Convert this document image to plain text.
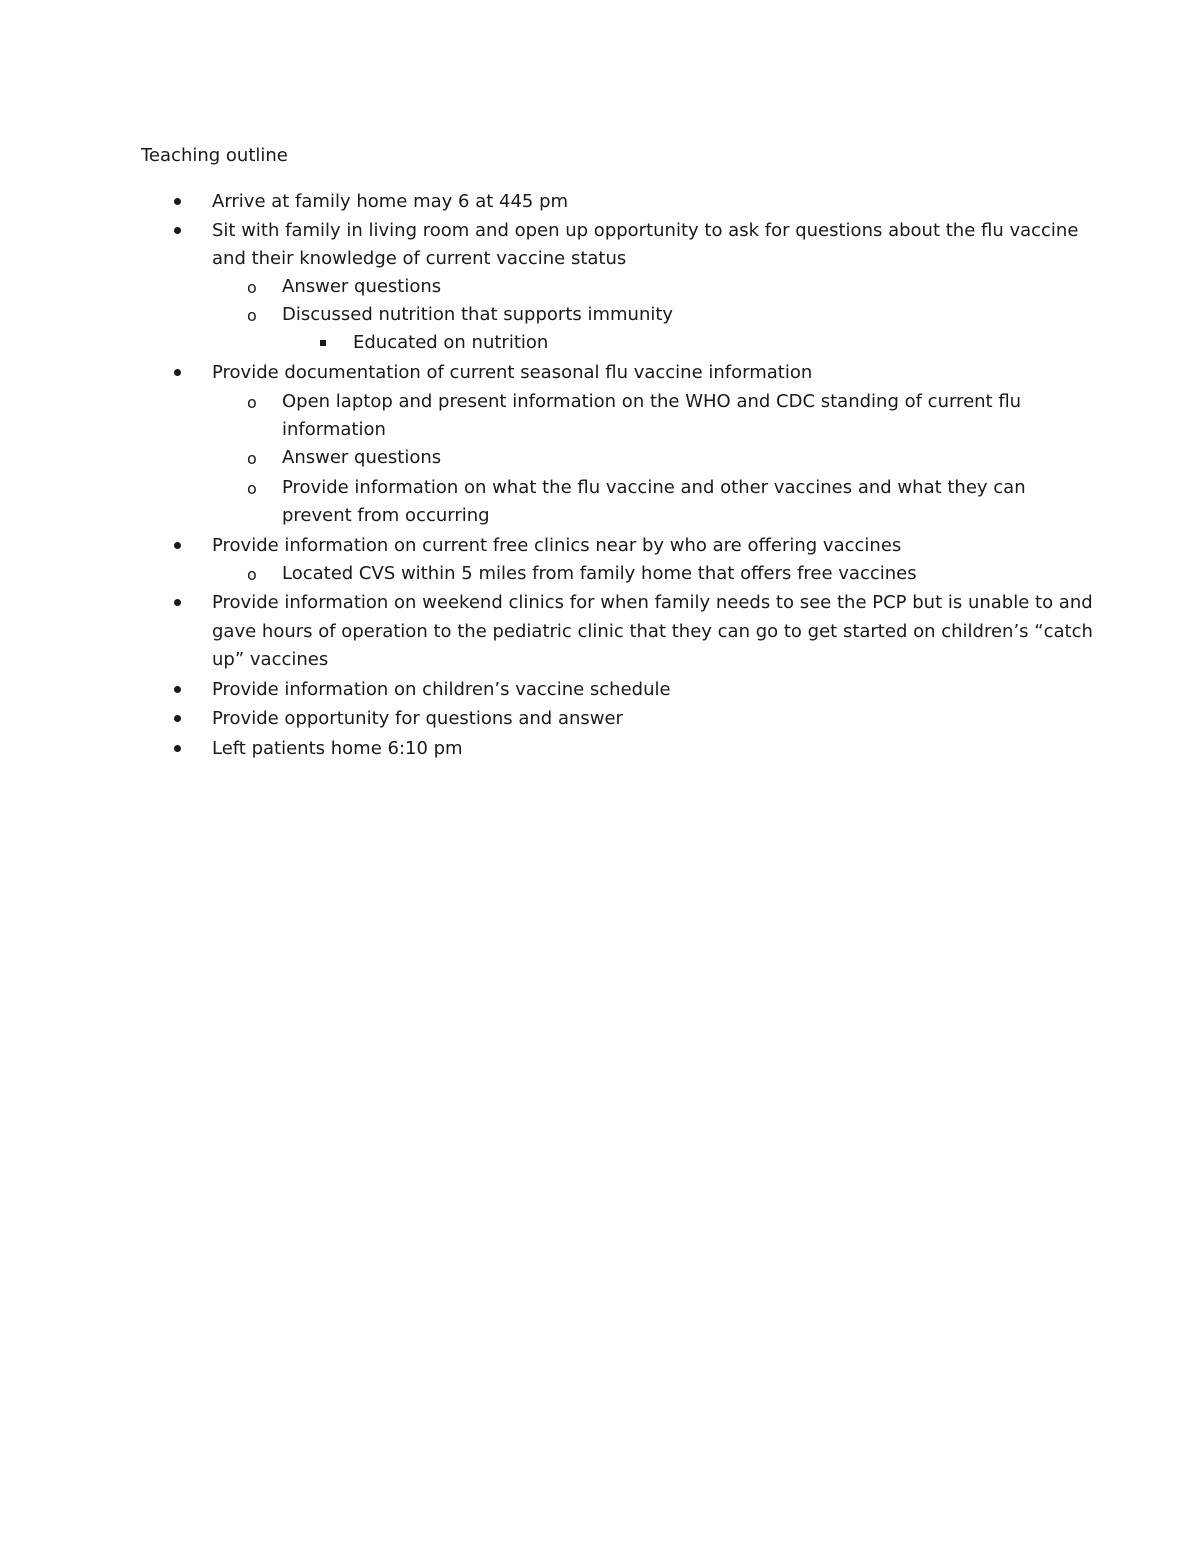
Teaching outline
Arrive at family home may 6 at 445 pm
Sit with family in living room and open up opportunity to ask for questions about the flu vaccine
and their knowledge of current vaccine status
o Answer questions
o Discussed nutrition that supports immunity
Educated on nutrition
Provide documentation of current seasonal flu vaccine information
o Open laptop and present information on the WHO and CDC standing of current flu
information
o Answer questions
o Provide information on what the flu vaccine and other vaccines and what they can
prevent from occurring
Provide information on current free clinics near by who are offering vaccines
o Located CVS within 5 miles from family home that offers free vaccines
Provide information on weekend clinics for when family needs to see the PCP but is unable to and
gave hours of operation to the pediatric clinic that they can go to get started on children’s “catch
up” vaccines
Provide information on children’s vaccine schedule
Provide opportunity for questions and answer
Left patients home 6:10 pm
